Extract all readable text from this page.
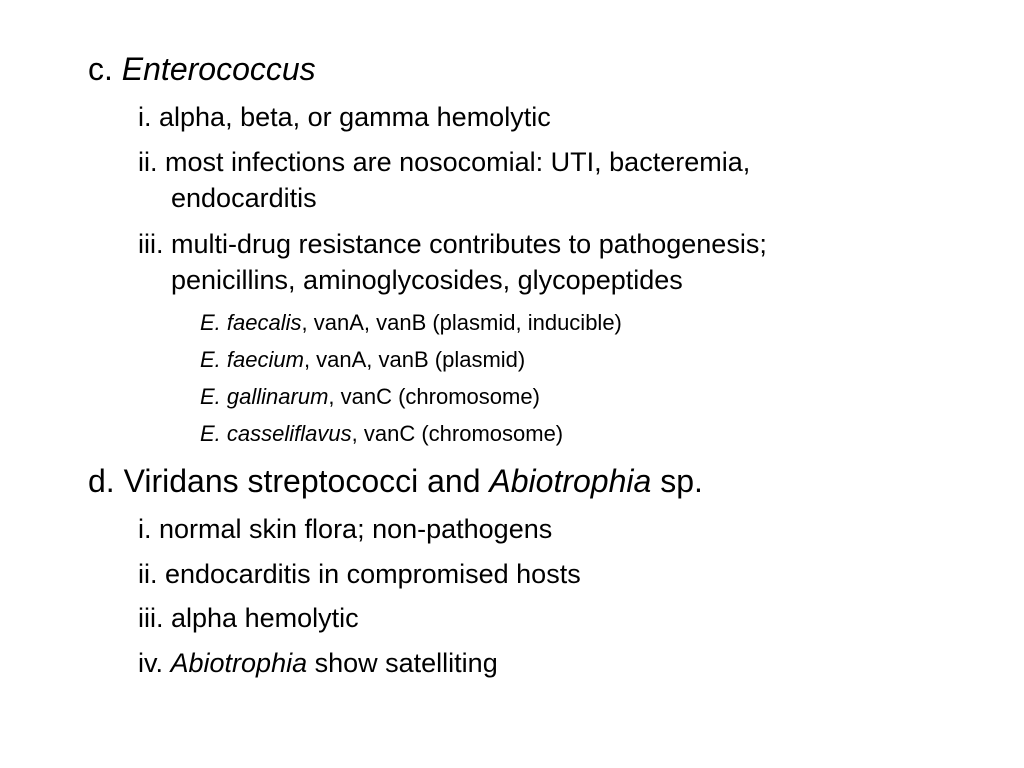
c. Enterococcus
i. alpha, beta, or gamma hemolytic
ii. most infections are nosocomial: UTI, bacteremia,
endocarditis
iii. multi-drug resistance contributes to pathogenesis;
penicillins, aminoglycosides, glycopeptides
E. faecalis, vanA, vanB (plasmid, inducible)
E. faecium, vanA, vanB (plasmid)
E. gallinarum, vanC (chromosome)
E. casseliflavus, vanC (chromosome)
d. Viridans streptococci and Abiotrophia sp.
i. normal skin flora; non-pathogens
ii. endocarditis in compromised hosts
iii. alpha hemolytic
iv. Abiotrophia show satelliting
